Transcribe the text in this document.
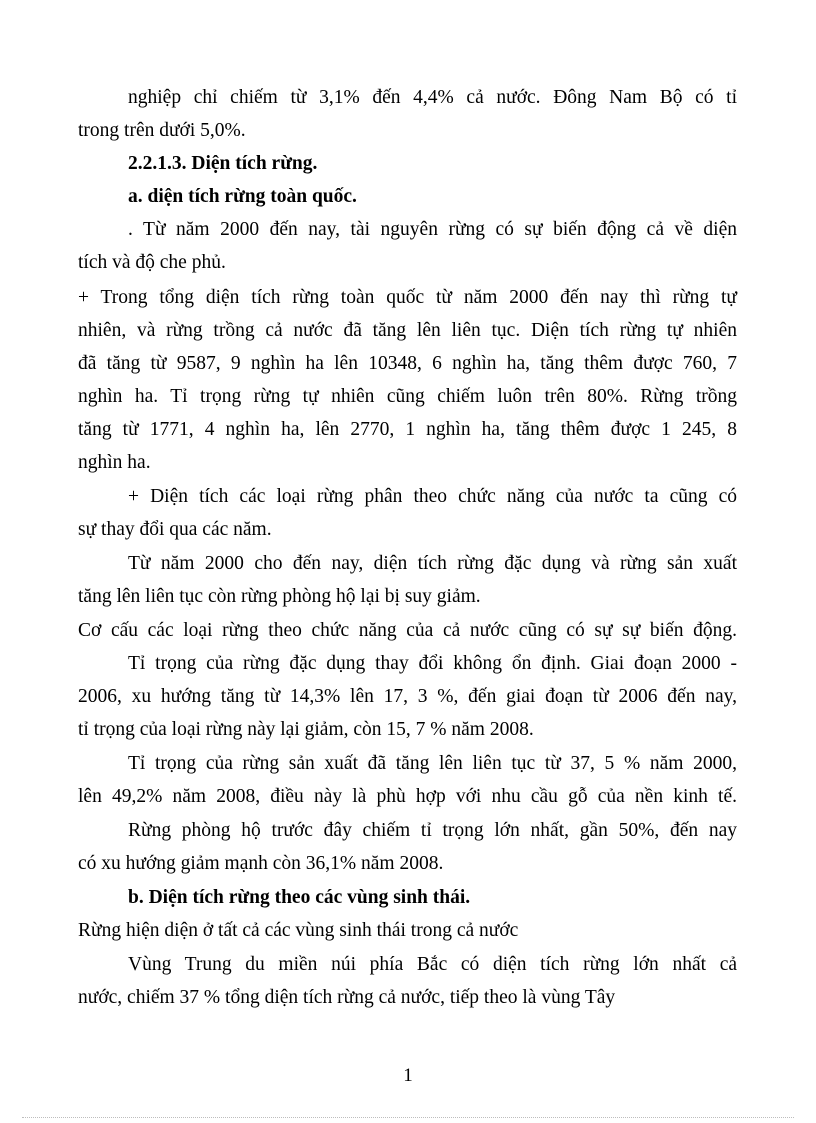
nghiệp chỉ chiếm từ 3,1% đến 4,4% cả nước. Đông Nam Bộ có tỉ
trong trên dưới 5,0%.
2.2.1.3. Diện tích rừng.
a. diện tích rừng toàn quốc.
. Từ năm 2000 đến nay, tài nguyên rừng có sự biến động cả về diện
tích và độ che phủ.
+ Trong tổng diện tích rừng toàn quốc từ năm 2000 đến nay thì rừng tự
nhiên, và rừng trồng cả nước đã tăng lên liên tục. Diện tích rừng tự nhiên
đã tăng từ 9587, 9 nghìn ha lên 10348, 6 nghìn ha, tăng thêm được 760, 7
nghìn ha. Tỉ trọng rừng tự nhiên cũng chiếm luôn trên 80%. Rừng trồng
tăng từ 1771, 4 nghìn ha, lên 2770, 1 nghìn ha, tăng thêm được 1 245, 8
nghìn ha.
+ Diện tích các loại rừng phân theo chức năng của nước ta cũng có
sự thay đổi qua các năm.
Từ năm 2000 cho đến nay, diện tích rừng đặc dụng và rừng sản xuất
tăng lên liên tục còn rừng phòng hộ lại bị suy giảm.
Cơ cấu các loại rừng theo chức năng của cả nước cũng có sự sự biến động.
Tỉ trọng của rừng đặc dụng thay đổi không ổn định. Giai đoạn 2000 -
2006, xu hướng tăng từ 14,3% lên 17, 3 %, đến giai đoạn từ 2006 đến nay,
tỉ trọng của loại rừng này lại giảm, còn 15, 7 % năm 2008.
Tỉ trọng của rừng sản xuất đã tăng lên liên tục từ 37, 5 % năm 2000,
lên 49,2% năm 2008, điều này là phù hợp với nhu cầu gỗ của nền kinh tế.
Rừng phòng hộ trước đây chiếm tỉ trọng lớn nhất, gần 50%, đến nay
có xu hướng giảm mạnh còn 36,1% năm 2008.
b. Diện tích rừng theo các vùng sinh thái.
Rừng hiện diện ở tất cả các vùng sinh thái trong cả nước
Vùng Trung du miền núi phía Bắc có diện tích rừng lớn nhất cả
nước, chiếm 37 % tổng diện tích rừng cả nước, tiếp theo là vùng Tây
1
